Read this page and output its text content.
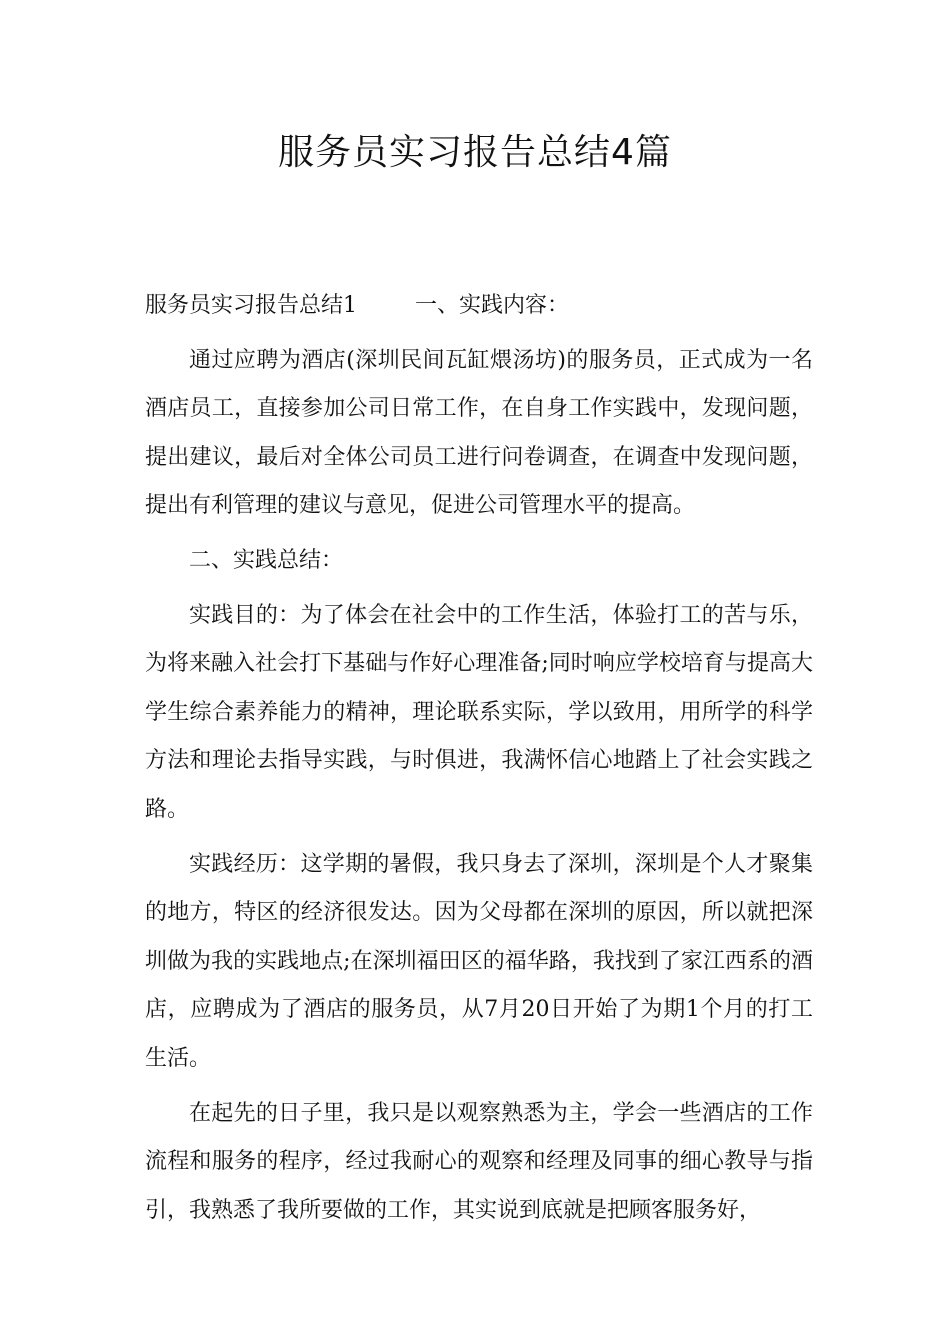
服务员实习报告总结4篇

服务员实习报告总结1	一、实践内容：

通过应聘为酒店(深圳民间瓦缸煨汤坊)的服务员，正式成为一名酒店员工，直接参加公司日常工作，在自身工作实践中，发现问题，提出建议，最后对全体公司员工进行问卷调查，在调查中发现问题，提出有利管理的建议与意见，促进公司管理水平的提高。

二、实践总结：

实践目的：为了体会在社会中的工作生活，体验打工的苦与乐，为将来融入社会打下基础与作好心理准备;同时响应学校培育与提高大学生综合素养能力的精神，理论联系实际，学以致用，用所学的科学方法和理论去指导实践，与时俱进，我满怀信心地踏上了社会实践之路。

实践经历：这学期的暑假，我只身去了深圳，深圳是个人才聚集的地方，特区的经济很发达。因为父母都在深圳的原因，所以就把深圳做为我的实践地点;在深圳福田区的福华路，我找到了家江西系的酒店，应聘成为了酒店的服务员，从7月20日开始了为期1个月的打工生活。

在起先的日子里，我只是以观察熟悉为主，学会一些酒店的工作流程和服务的程序，经过我耐心的观察和经理及同事的细心教导与指引，我熟悉了我所要做的工作，其实说到底就是把顾客服务好，
